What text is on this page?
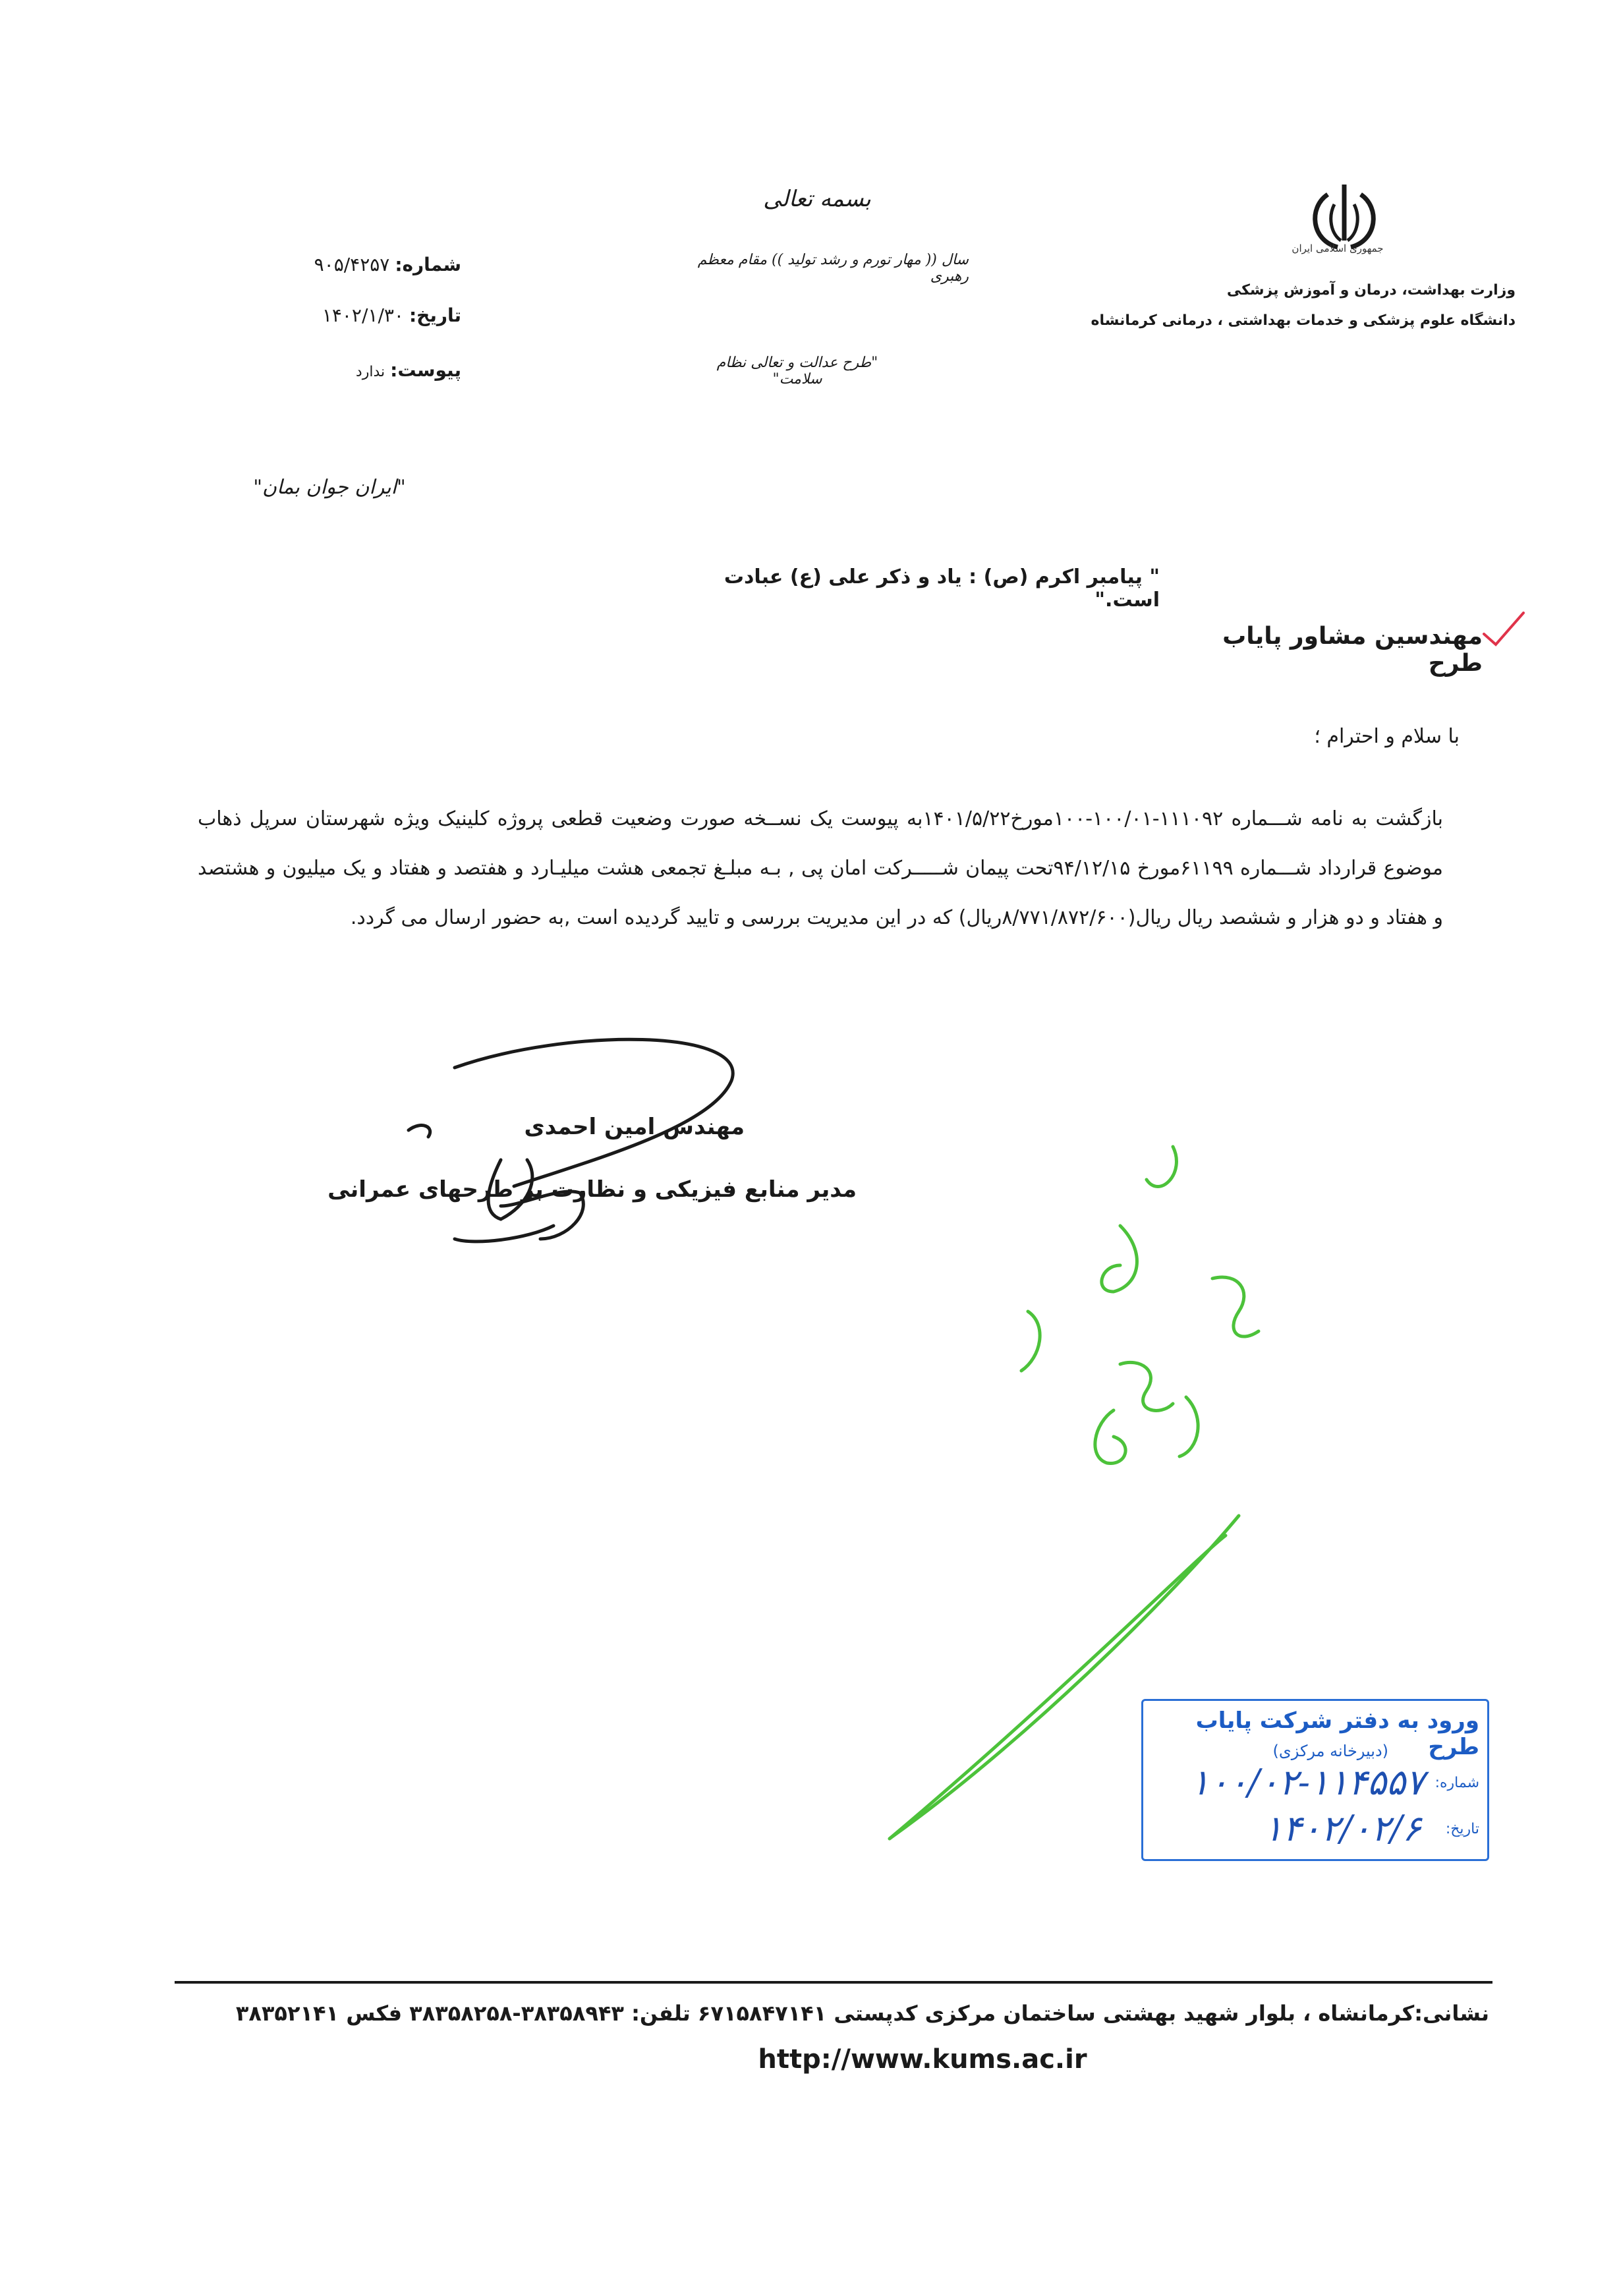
جمهوری اسلامی ایران
وزارت بهداشت، درمان و آموزش پزشکی
دانشگاه علوم پزشکی و خدمات بهداشتی ، درمانی کرمانشاه
بسمه تعالی
سال (( مهار تورم و رشد تولید )) مقام معظم رهبری
"طرح عدالت و تعالی نظام سلامت"
"ایران جوان بمان"
شماره:۹۰۵/۴۲۵۷
تاریخ:۱۴۰۲/۱/۳۰
پیوست:ندارد
" پیامبر اکرم (ص) : یاد و ذکر علی (ع) عبادت است."
مهندسین مشاور پایاب طرح
با سلام و احترام ؛
بازگشت به نامه شـــماره ۱۱۱۰۹۲-۱۰۰/۰۱-۱۰۰مورخ۱۴۰۱/۵/۲۲به پیوست یک نســخه صورت وضعیت قطعی پروژه کلینیک ویژه شهرستان سرپل ذهاب موضوع قرارداد شـــماره ۶۱۱۹۹مورخ ۹۴/۱۲/۱۵تحت پیمان شـــــرکت امان پی , بـه مبلـغ تجمعی هشت میلیـارد و هفتصد و هفتاد و یک میلیون و هشتصد و هفتاد و دو هزار و ششصد ریال ریال(۸/۷۷۱/۸۷۲/۶۰۰ریال) که در این مدیریت بررسی و تایید گردیده است ,به حضور ارسال می گردد.
مهندس امین احمدی
مدیر منابع فیزیکی و نظارت بر طرحهای عمرانی
ورود به دفتر شرکت پایاب طرح
(دبیرخانه مرکزی)
شماره:
۱۰۰/۰۲-۱۱۴۵۵۷
تاریخ:
۱۴۰۲/۰۲/۶
نشانی:کرمانشاه ، بلوار شهید بهشتی ساختمان مرکزی کدپستی ۶۷۱۵۸۴۷۱۴۱ تلفن: ۳۸۳۵۸۹۴۳-۳۸۳۵۸۲۵۸ فکس ۳۸۳۵۲۱۴۱
http://www.kums.ac.ir
